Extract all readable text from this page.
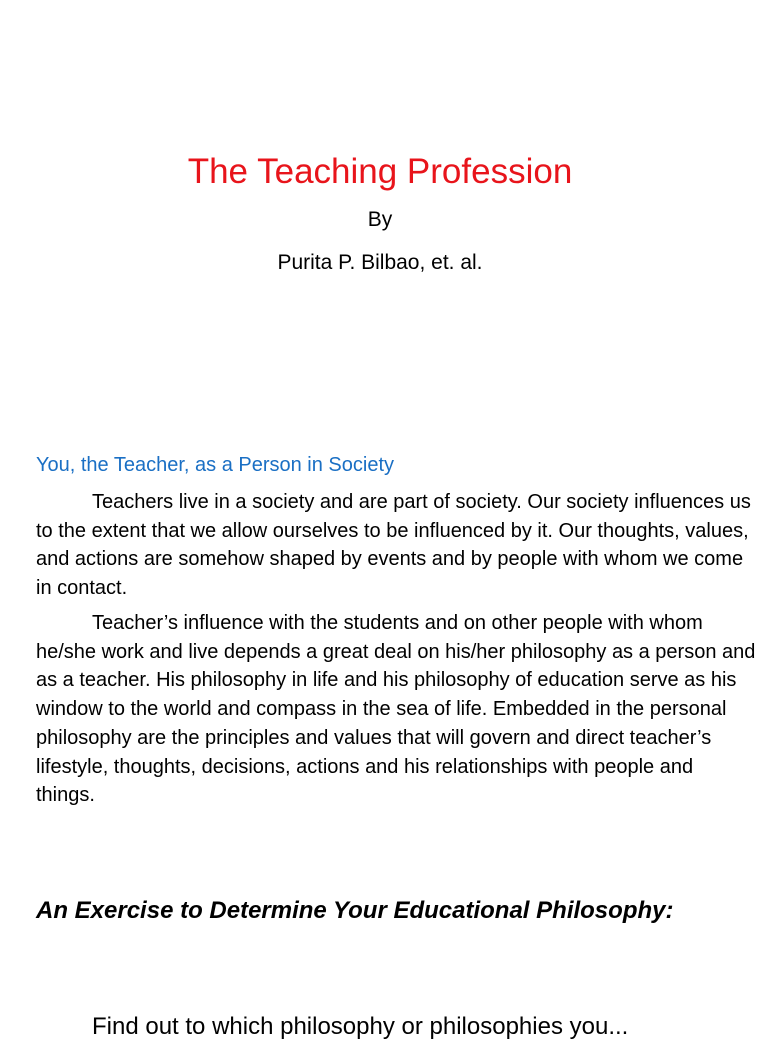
The Teaching Profession
By
Purita P. Bilbao, et. al.
You, the Teacher, as a Person in Society

Teachers live in a society and are part of society. Our society influences us to the extent that we allow ourselves to be influenced by it. Our thoughts, values, and actions are somehow shaped by events and by people with whom we come in contact.

Teacher’s influence with the students and on other people with whom he/she work and live depends a great deal on his/her philosophy as a person and as a teacher. His philosophy in life and his philosophy of education serve as his window to the world and compass in the sea of life. Embedded in the personal philosophy are the principles and values that will govern and direct teacher’s lifestyle, thoughts, decisions, actions and his relationships with people and things.

An Exercise to Determine Your Educational Philosophy:
Find out to which philosophy or philosophies you...
